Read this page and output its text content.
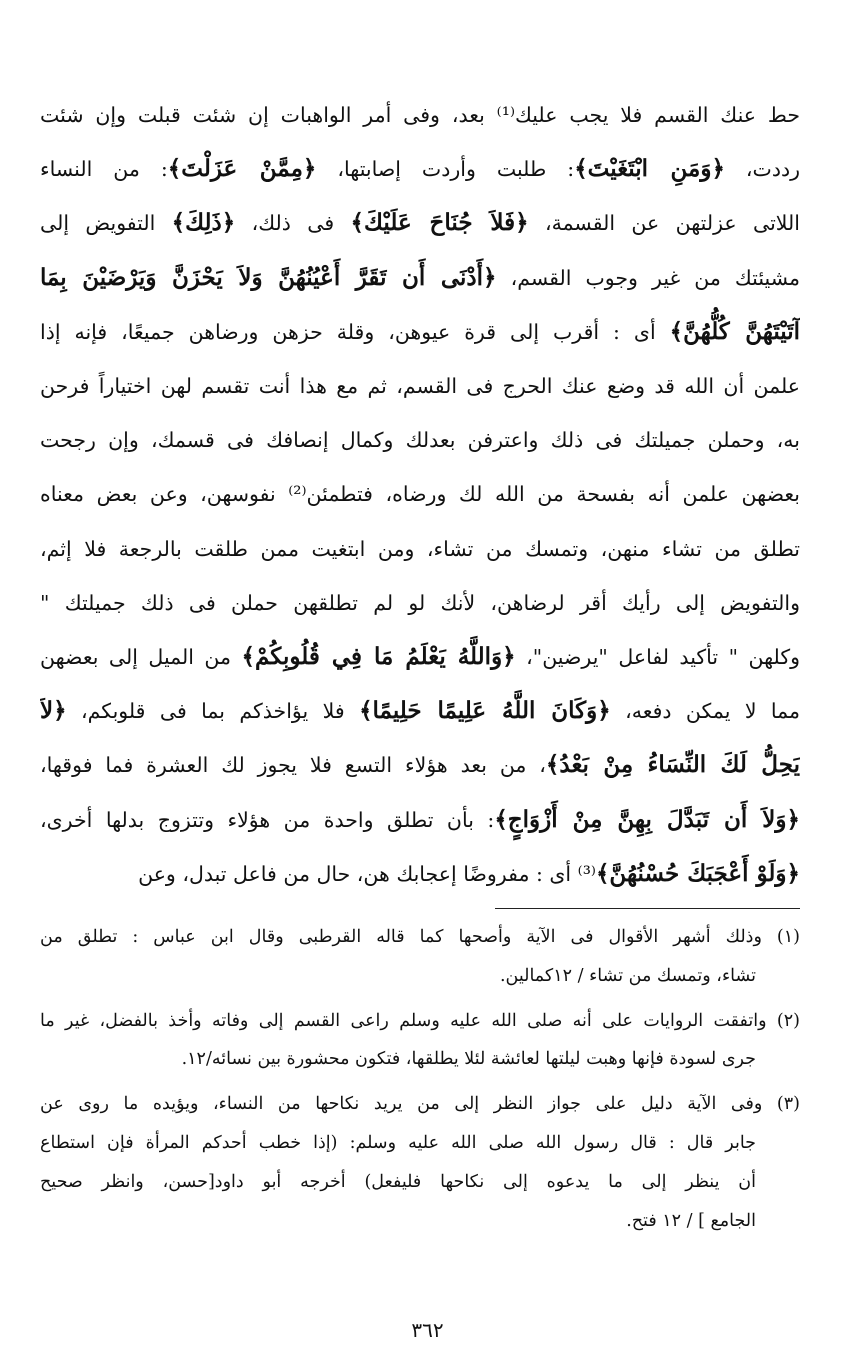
حط عنك القسم فلا يجب عليك⁽¹⁾ بعد، وفى أمر الواهبات إن شئت قبلت وإن شئت
رددت، ﴿وَمَنِ ابْتَغَيْتَ﴾: طلبت وأردت إصابتها، ﴿مِمَّنْ عَزَلْتَ﴾: من النساء
اللاتى عزلتهن عن القسمة، ﴿فَلاَ جُنَاحَ عَلَيْكَ﴾ فى ذلك، ﴿ذَلِكَ﴾ التفويض إلى
مشيئتك من غير وجوب القسم، ﴿أَدْنَى أَن تَقَرَّ أَعْيُنُهُنَّ وَلاَ يَحْزَنَّ وَيَرْضَيْنَ بِمَا
آتَيْتَهُنَّ كُلُّهُنَّ﴾ أى : أقرب إلى قرة عيوهن، وقلة حزهن ورضاهن جميعًا، فإنه إذا
علمن أن الله قد وضع عنك الحرج فى القسم، ثم مع هذا أنت تقسم لهن اختياراً فرحن
به، وحملن جميلتك فى ذلك واعترفن بعدلك وكمال إنصافك فى قسمك، وإن رجحت
بعضهن علمن أنه بفسحة من الله لك ورضاه، فتطمئن⁽²⁾ نفوسهن، وعن بعض معناه
تطلق من تشاء منهن، وتمسك من تشاء، ومن ابتغيت ممن طلقت بالرجعة فلا إثم،
والتفويض إلى رأيك أقر لرضاهن، لأنك لو لم تطلقهن حملن فى ذلك جميلتك "
وكلهن " تأكيد لفاعل "يرضين"، ﴿وَاللَّهُ يَعْلَمُ مَا فِي قُلُوبِكُمْ﴾ من الميل إلى بعضهن
مما لا يمكن دفعه، ﴿وَكَانَ اللَّهُ عَلِيمًا حَلِيمًا﴾ فلا يؤاخذكم بما فى قلوبكم، ﴿لاَ
يَحِلُّ لَكَ النِّسَاءُ مِنْ بَعْدُ﴾، من بعد هؤلاء التسع فلا يجوز لك العشرة فما فوقها،
﴿وَلاَ أَن تَبَدَّلَ بِهِنَّ مِنْ أَزْوَاجٍ﴾: بأن تطلق واحدة من هؤلاء وتتزوج بدلها أخرى،
﴿وَلَوْ أَعْجَبَكَ حُسْنُهُنَّ﴾⁽³⁾ أى : مفروضًا إعجابك هن، حال من فاعل تبدل، وعن
(١) وذلك أشهر الأقوال فى الآية وأصحها كما قاله القرطبى وقال ابن عباس : تطلق من
تشاء، وتمسك من تشاء / ١٢كمالين.
(٢) واتفقت الروايات على أنه صلى الله عليه وسلم راعى القسم إلى وفاته وأخذ بالفضل، غير ما
جرى لسودة فإنها وهبت ليلتها لعائشة لئلا يطلقها، فتكون محشورة بين نسائه/١٢.
(٣) وفى الآية دليل على جواز النظر إلى من يريد نكاحها من النساء، ويؤيده ما روى عن
جابر قال : قال رسول الله صلى الله عليه وسلم: (إذا خطب أحدكم المرأة فإن استطاع
أن ينظر إلى ما يدعوه إلى نكاحها فليفعل) أخرجه أبو داود[حسن، وانظر صحيح
الجامع ] / ١٢ فتح.
٣٦٢
